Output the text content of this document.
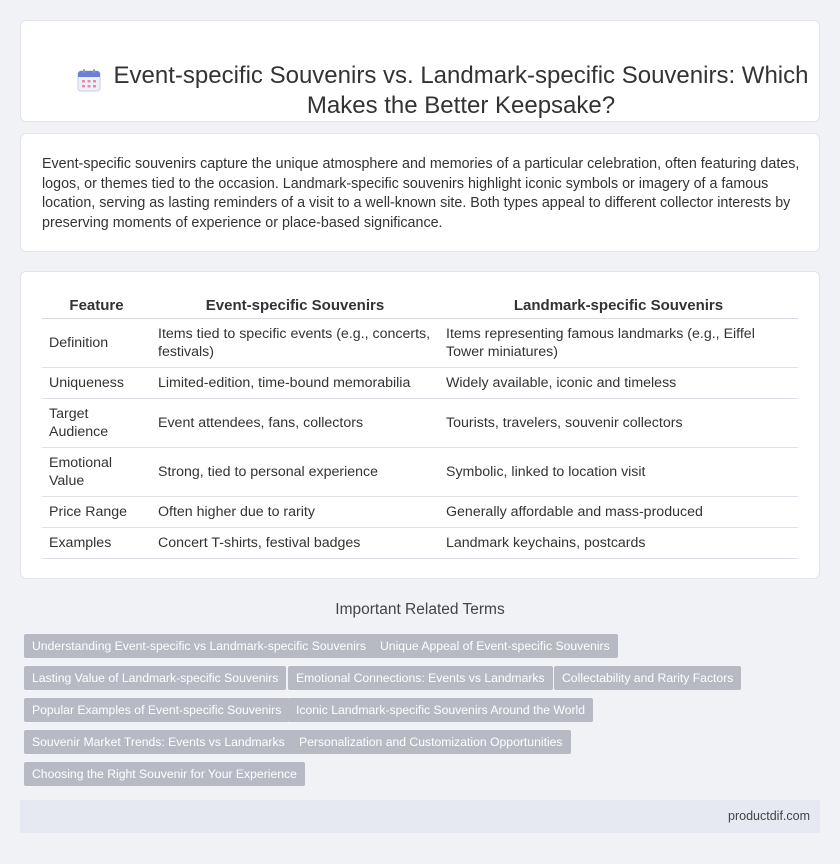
Event-specific Souvenirs vs. Landmark-specific Souvenirs: Which Makes the Better Keepsake?

Event-specific souvenirs capture the unique atmosphere and memories of a particular celebration, often featuring dates, logos, or themes tied to the occasion. Landmark-specific souvenirs highlight iconic symbols or imagery of a famous location, serving as lasting reminders of a visit to a well-known site. Both types appeal to different collector interests by preserving moments of experience or place-based significance.

Feature	Event-specific Souvenirs	Landmark-specific Souvenirs
Definition	Items tied to specific events (e.g., concerts, festivals)	Items representing famous landmarks (e.g., Eiffel Tower miniatures)
Uniqueness	Limited-edition, time-bound memorabilia	Widely available, iconic and timeless
Target Audience	Event attendees, fans, collectors	Tourists, travelers, souvenir collectors
Emotional Value	Strong, tied to personal experience	Symbolic, linked to location visit
Price Range	Often higher due to rarity	Generally affordable and mass-produced
Examples	Concert T-shirts, festival badges	Landmark keychains, postcards
Important Related Terms
Understanding Event-specific vs Landmark-specific Souvenirs	Unique Appeal of Event-specific Souvenirs
Lasting Value of Landmark-specific Souvenirs	Emotional Connections: Events vs Landmarks	Collectability and Rarity Factors
Popular Examples of Event-specific Souvenirs	Iconic Landmark-specific Souvenirs Around the World
Souvenir Market Trends: Events vs Landmarks	Personalization and Customization Opportunities
Choosing the Right Souvenir for Your Experience
productdif.com
